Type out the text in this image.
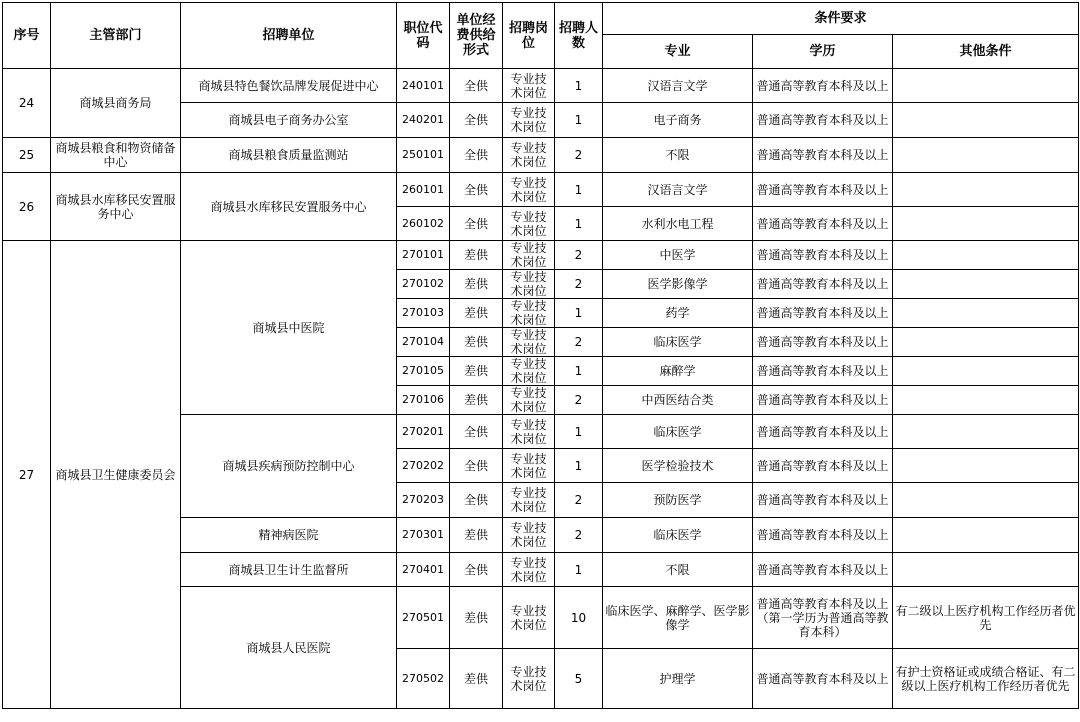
序号	主管部门	招聘单位	职位代码	单位经费供给形式	招聘岗位	招聘人数	条件要求		
							专业	学历	其他条件
24	商城县商务局	商城县特色餐饮品牌发展促进中心	240101	全供	专业技术岗位	1	汉语言文学	普通高等教育本科及以上	
		商城县电子商务办公室	240201	全供	专业技术岗位	1	电子商务	普通高等教育本科及以上	
25	商城县粮食和物资储备中心	商城县粮食质量监测站	250101	全供	专业技术岗位	2	不限	普通高等教育本科及以上	
26	商城县水库移民安置服务中心	商城县水库移民安置服务中心	260101	全供	专业技术岗位	1	汉语言文学	普通高等教育本科及以上	
			260102	全供	专业技术岗位	1	水利水电工程	普通高等教育本科及以上	
27	商城县卫生健康委员会	商城县中医院	270101	差供	专业技术岗位	2	中医学	普通高等教育本科及以上	
			270102	差供	专业技术岗位	2	医学影像学	普通高等教育本科及以上	
			270103	差供	专业技术岗位	1	药学	普通高等教育本科及以上	
			270104	差供	专业技术岗位	2	临床医学	普通高等教育本科及以上	
			270105	差供	专业技术岗位	1	麻醉学	普通高等教育本科及以上	
			270106	差供	专业技术岗位	2	中西医结合类	普通高等教育本科及以上	
		商城县疾病预防控制中心	270201	全供	专业技术岗位	1	临床医学	普通高等教育本科及以上	
			270202	全供	专业技术岗位	1	医学检验技术	普通高等教育本科及以上	
			270203	全供	专业技术岗位	2	预防医学	普通高等教育本科及以上	
		精神病医院	270301	差供	专业技术岗位	2	临床医学	普通高等教育本科及以上	
		商城县卫生计生监督所	270401	全供	专业技术岗位	1	不限	普通高等教育本科及以上	
		商城县人民医院	270501	差供	专业技术岗位	10	临床医学、麻醉学、医学影像学	普通高等教育本科及以上（第一学历为普通高等教育本科）	有二级以上医疗机构工作经历者优先
			270502	差供	专业技术岗位	5	护理学	普通高等教育本科及以上	有护士资格证或成绩合格证、有二级以上医疗机构工作经历者优先
